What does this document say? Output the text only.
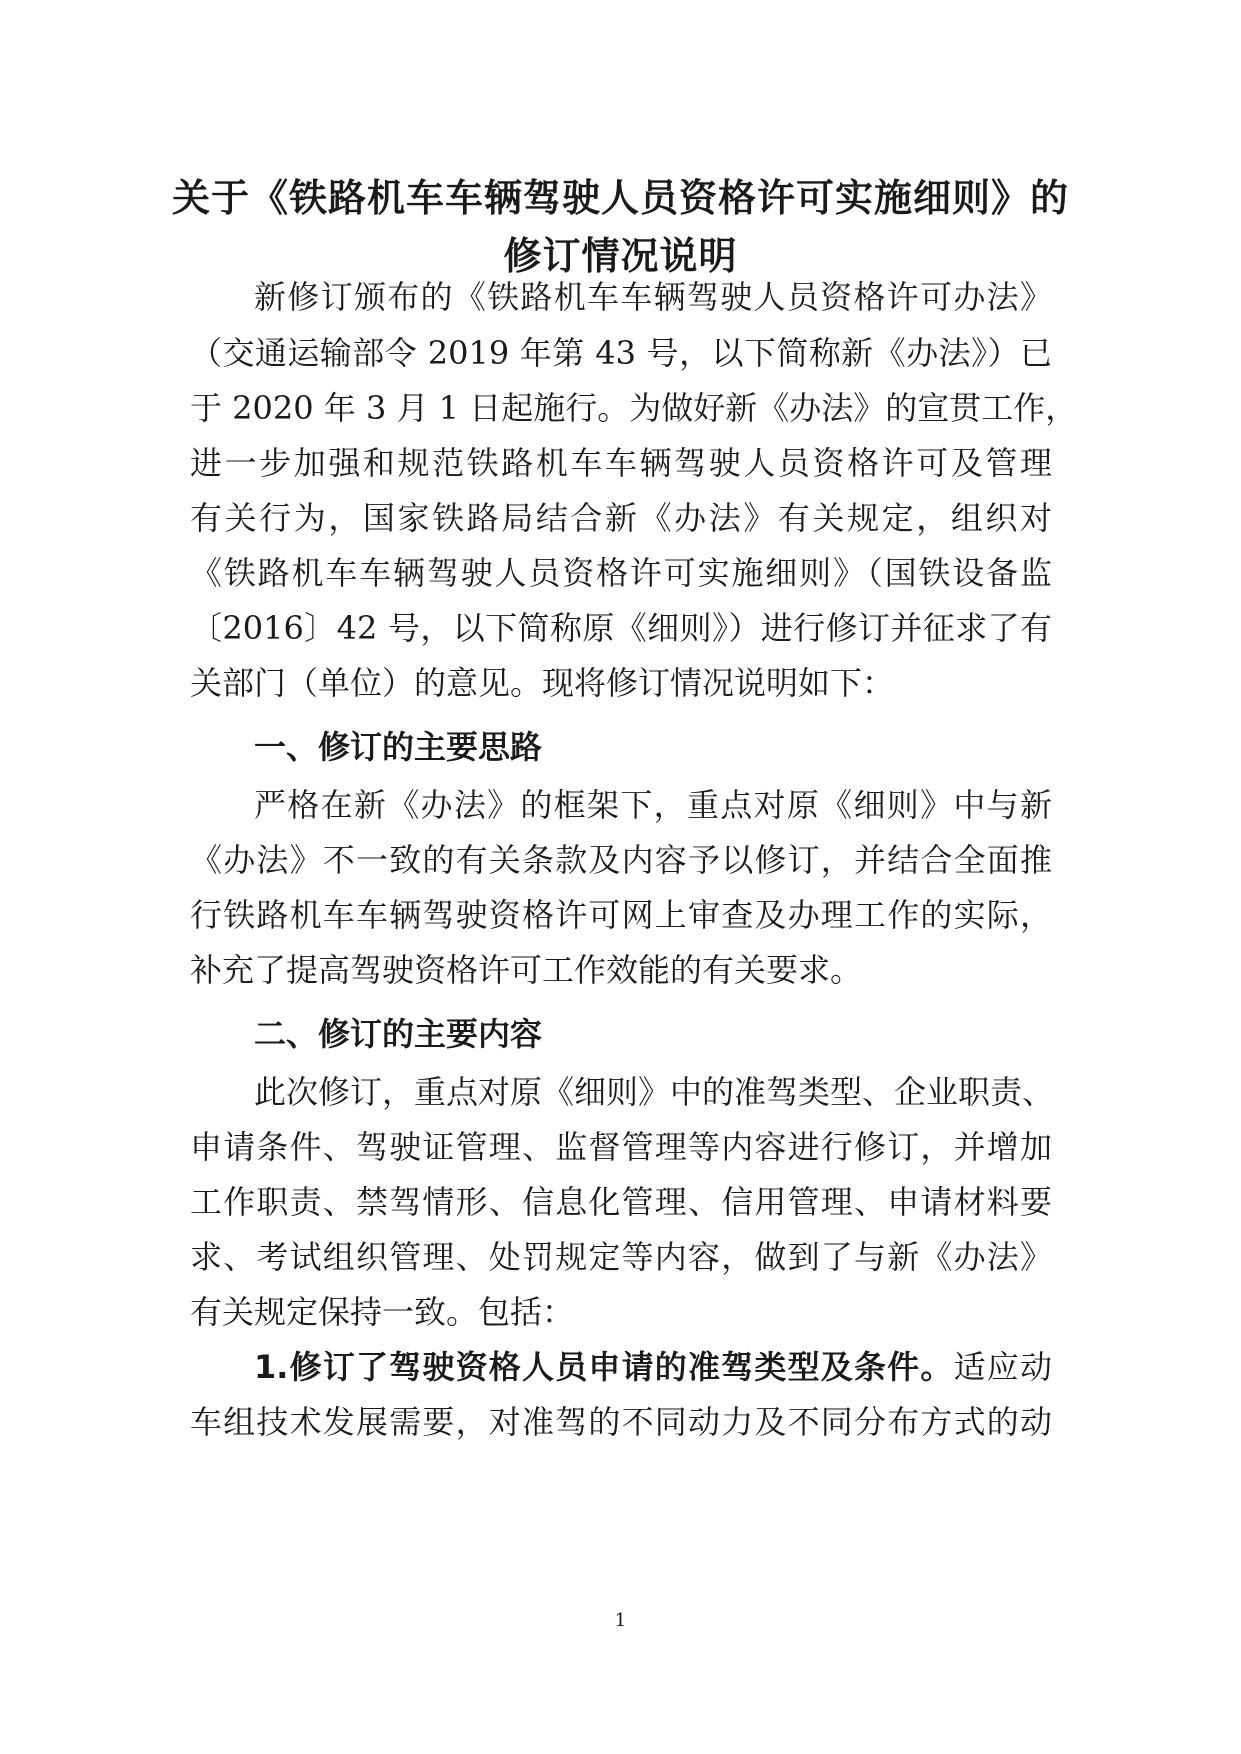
关于《铁路机车车辆驾驶人员资格许可实施细则》的
修订情况说明

新修订颁布的《铁路机车车辆驾驶人员资格许可办法》

（交通运输部令 2019 年第 43 号，以下简称新《办法》）已

于 2020 年 3 月 1 日起施行。为做好新《办法》的宣贯工作，

进一步加强和规范铁路机车车辆驾驶人员资格许可及管理

有关行为，国家铁路局结合新《办法》有关规定，组织对

《铁路机车车辆驾驶人员资格许可实施细则》（国铁设备监

〔2016〕42 号，以下简称原《细则》）进行修订并征求了有

关部门（单位）的意见。现将修订情况说明如下：

一、修订的主要思路

严格在新《办法》的框架下，重点对原《细则》中与新

《办法》不一致的有关条款及内容予以修订，并结合全面推

行铁路机车车辆驾驶资格许可网上审查及办理工作的实际，

补充了提高驾驶资格许可工作效能的有关要求。

二、修订的主要内容

此次修订，重点对原《细则》中的准驾类型、企业职责、

申请条件、驾驶证管理、监督管理等内容进行修订，并增加

工作职责、禁驾情形、信息化管理、信用管理、申请材料要

求、考试组织管理、处罚规定等内容，做到了与新《办法》

有关规定保持一致。包括：

1.修订了驾驶资格人员申请的准驾类型及条件。适应动

车组技术发展需要，对准驾的不同动力及不同分布方式的动

1
